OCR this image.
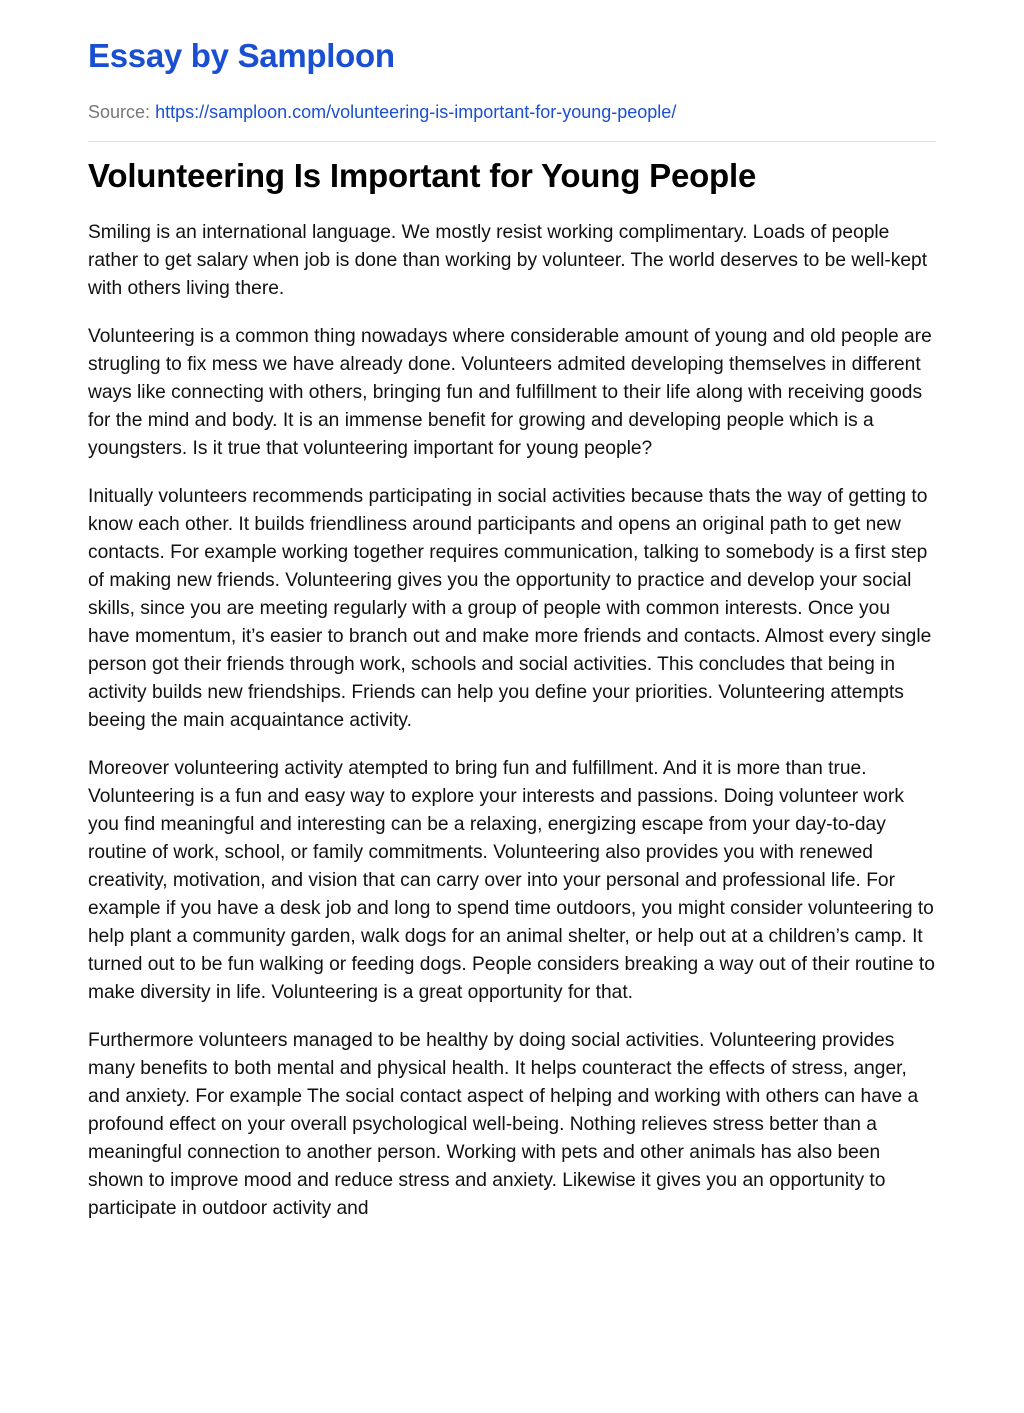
Essay by Samploon
Source: https://samploon.com/volunteering-is-important-for-young-people/
Volunteering Is Important for Young People

Smiling is an international language. We mostly resist working complimentary. Loads of people rather to get salary when job is done than working by volunteer. The world deserves to be well-kept with others living there.

Volunteering is a common thing nowadays where considerable amount of young and old people are strugling to fix mess we have already done. Volunteers admited developing themselves in different ways like connecting with others, bringing fun and fulfillment to their life along with receiving goods for the mind and body. It is an immense benefit for growing and developing people which is a youngsters. Is it true that volunteering important for young people?

Initually volunteers recommends participating in social activities because thats the way of getting to know each other. It builds friendliness around participants and opens an original path to get new contacts. For example working together requires communication, talking to somebody is a first step of making new friends. Volunteering gives you the opportunity to practice and develop your social skills, since you are meeting regularly with a group of people with common interests. Once you have momentum, it’s easier to branch out and make more friends and contacts. Almost every single person got their friends through work, schools and social activities. This concludes that being in activity builds new friendships. Friends can help you define your priorities. Volunteering attempts beeing the main acquaintance activity.

Moreover volunteering activity atempted to bring fun and fulfillment. And it is more than true. Volunteering is a fun and easy way to explore your interests and passions. Doing volunteer work you find meaningful and interesting can be a relaxing, energizing escape from your day-to-day routine of work, school, or family commitments. Volunteering also provides you with renewed creativity, motivation, and vision that can carry over into your personal and professional life. For example if you have a desk job and long to spend time outdoors, you might consider volunteering to help plant a community garden, walk dogs for an animal shelter, or help out at a children’s camp. It turned out to be fun walking or feeding dogs. People considers breaking a way out of their routine to make diversity in life. Volunteering is a great opportunity for that.

Furthermore volunteers managed to be healthy by doing social activities. Volunteering provides many benefits to both mental and physical health. It helps counteract the effects of stress, anger, and anxiety. For example The social contact aspect of helping and working with others can have a profound effect on your overall psychological well-being. Nothing relieves stress better than a meaningful connection to another person. Working with pets and other animals has also been shown to improve mood and reduce stress and anxiety. Likewise it gives you an opportunity to participate in outdoor activity and
